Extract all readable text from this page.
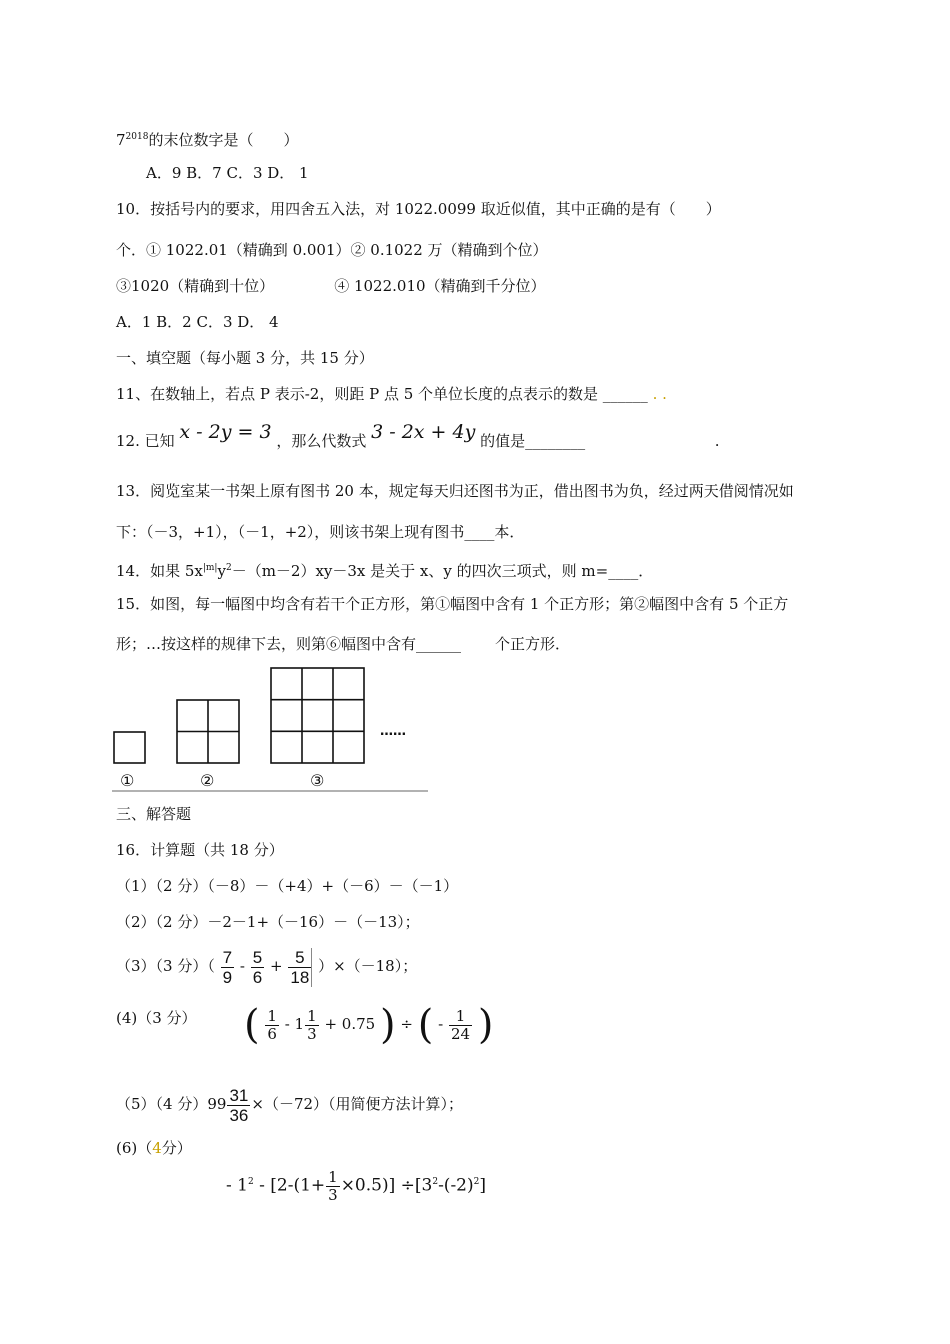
$7^{2018}$的末位数字是（　　）
A．9 B．7 C．3 D． 1
10．按括号内的要求，用四舍五入法，对 1022.0099 取近似值，其中正确的是有（　　）
个．① 1022.01（精确到 0.001）② 0.1022 万（精确到个位）
③1020（精确到十位）	④ 1022.010（精确到千分位）
A．1 B．2 C．3 D． 4
一、填空题（每小题 3 分，共 15 分）
11、在数轴上，若点 P 表示-2，则距 P 点 5 个单位长度的点表示的数是 ______ . .
12. 已知 x - 2y = 3 ，那么代数式 3 - 2x + 4y 的值是________	.
13．阅览室某一书架上原有图书 20 本，规定每天归还图书为正，借出图书为负，经过两天借阅情况如
下：（－3，+1），（－1，+2），则该书架上现有图书____本．
14．如果 $5x^{|m|}y^2-(m-2)xy-3x$ 是关于 x、y 的四次三项式，则 m=____．
15．如图，每一幅图中均含有若干个正方形，第①幅图中含有 1 个正方形；第②幅图中含有 5 个正方
形；…按这样的规律下去，则第⑥幅图中含有______ 个正方形．
……
①	②	③
三、解答题
16．计算题（共 18 分）
（1）（2 分）（－8）－（+4）+（－6）－（－1）
（2）（2 分）－2－1+（－16）－（－13）；
（3）（3 分）（ $\frac{7}{9} - \frac{5}{6} + \frac{5}{18} )\times(-18)$；
(4)（3 分） ( $\frac{1}{6} - 1 \frac{1}{3} + 0.75$ ) ÷ ( - $\frac{1}{24}$ )
（5）（4 分）$99 \frac{31}{36} \times(-72)$（用简便方法计算）；
(6)（4分）
- $1^2 - [2-(1+ \frac{1}{3} \times 0.5)] \div[3^2-(-2)^2]$
